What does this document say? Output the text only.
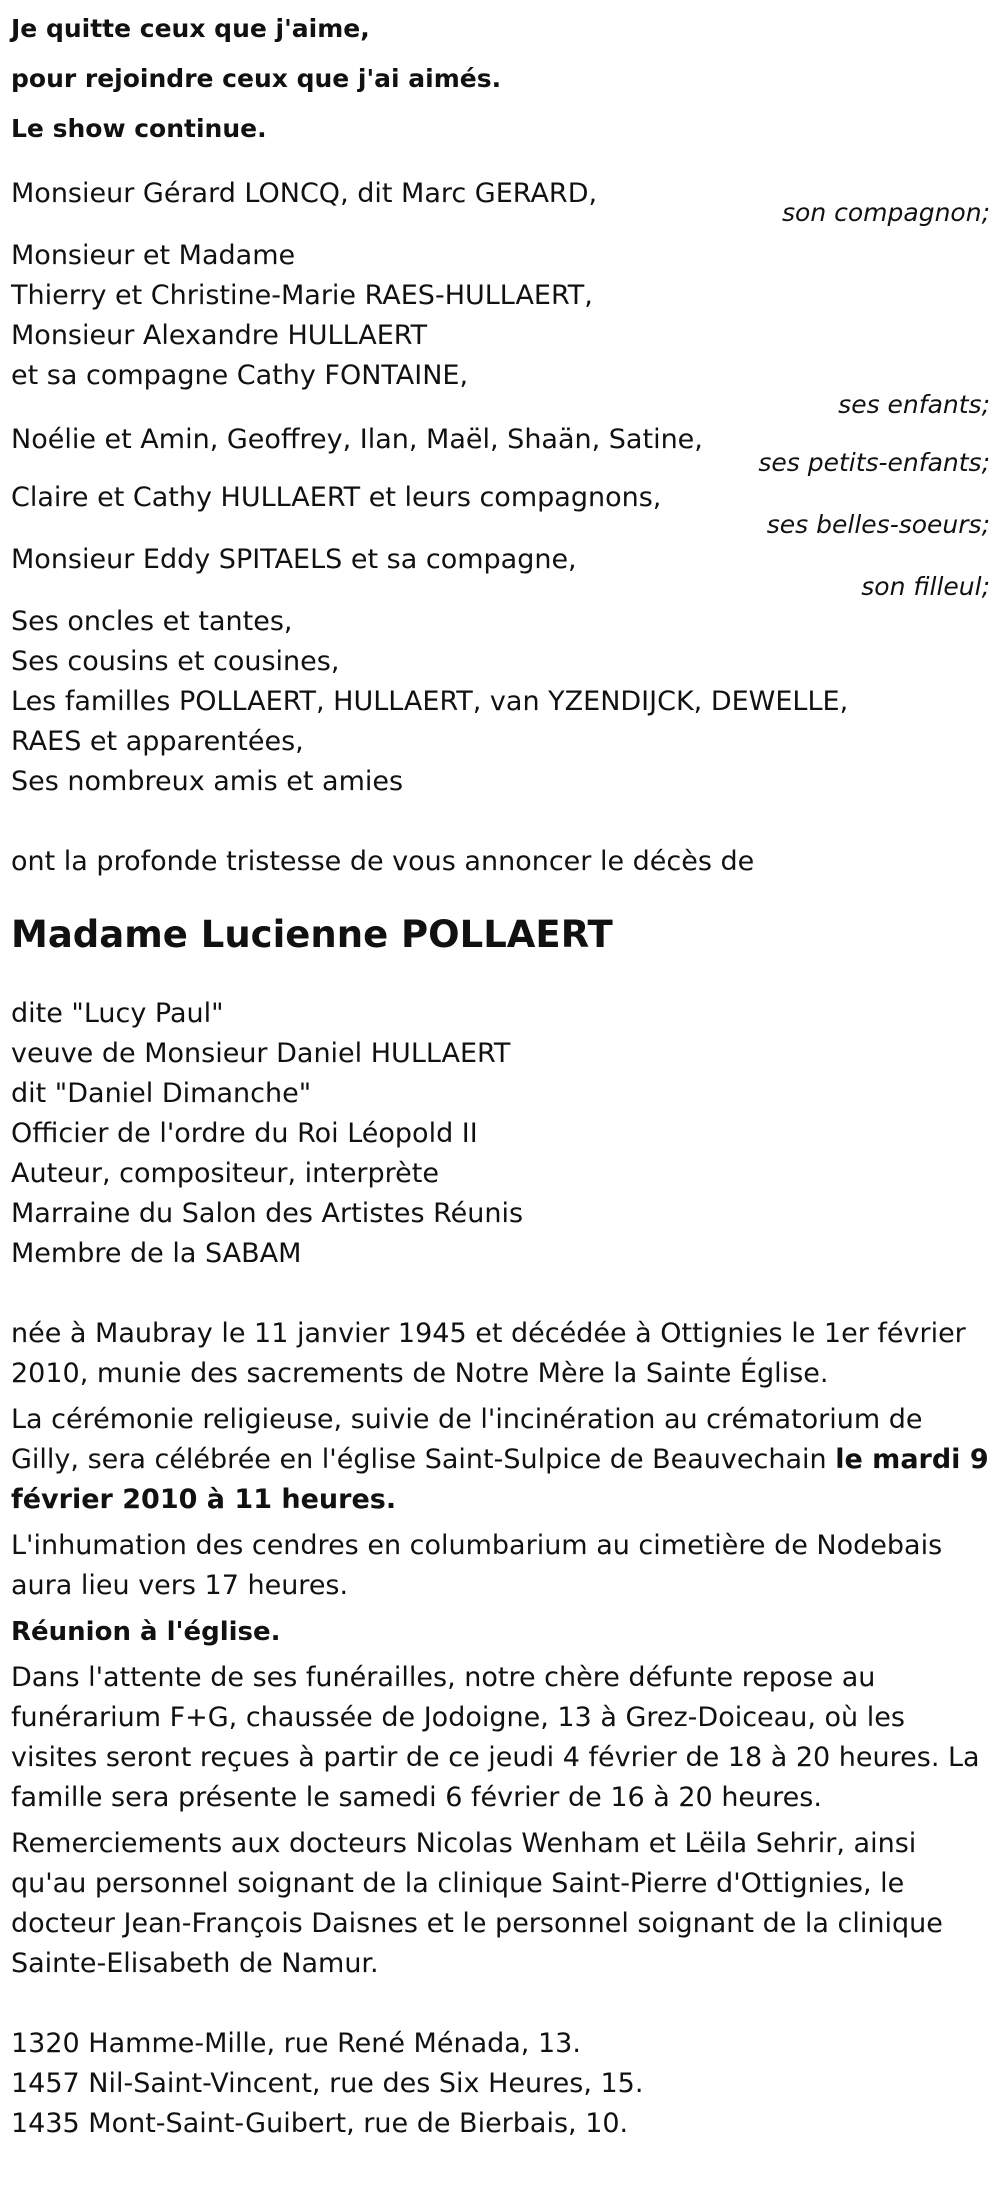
Je quitte ceux que j'aime,

pour rejoindre ceux que j'ai aimés.

Le show continue.

Monsieur Gérard LONCQ, dit Marc GERARD,
son compagnon;
Monsieur et Madame
Thierry et Christine-Marie RAES-HULLAERT,
Monsieur Alexandre HULLAERT
et sa compagne Cathy FONTAINE,
ses enfants;
Noélie et Amin, Geoffrey, Ilan, Maël, Shaän, Satine,
ses petits-enfants;
Claire et Cathy HULLAERT et leurs compagnons,
ses belles-soeurs;
Monsieur Eddy SPITAELS et sa compagne,
son filleul;
Ses oncles et tantes,
Ses cousins et cousines,
Les familles POLLAERT, HULLAERT, van YZENDIJCK, DEWELLE,
RAES et apparentées,
Ses nombreux amis et amies

ont la profonde tristesse de vous annoncer le décès de

Madame Lucienne POLLAERT
dite "Lucy Paul"
veuve de Monsieur Daniel HULLAERT
dit "Daniel Dimanche"
Officier de l'ordre du Roi Léopold II
Auteur, compositeur, interprète
Marraine du Salon des Artistes Réunis
Membre de la SABAM

née à Maubray le 11 janvier 1945 et décédée à Ottignies le 1er février 2010, munie des sacrements de Notre Mère la Sainte Église.

La cérémonie religieuse, suivie de l'incinération au crématorium de Gilly, sera célébrée en l'église Saint-Sulpice de Beauvechain le mardi 9 février 2010 à 11 heures.

L'inhumation des cendres en columbarium au cimetière de Nodebais aura lieu vers 17 heures.

Réunion à l'église.

Dans l'attente de ses funérailles, notre chère défunte repose au funérarium F+G, chaussée de Jodoigne, 13 à Grez-Doiceau, où les visites seront reçues à partir de ce jeudi 4 février de 18 à 20 heures. La famille sera présente le samedi 6 février de 16 à 20 heures.

Remerciements aux docteurs Nicolas Wenham et Lëila Sehrir, ainsi qu'au personnel soignant de la clinique Saint-Pierre d'Ottignies, le docteur Jean-François Daisnes et le personnel soignant de la clinique Sainte-Elisabeth de Namur.

1320 Hamme-Mille, rue René Ménada, 13.
1457 Nil-Saint-Vincent, rue des Six Heures, 15.
1435 Mont-Saint-Guibert, rue de Bierbais, 10.
